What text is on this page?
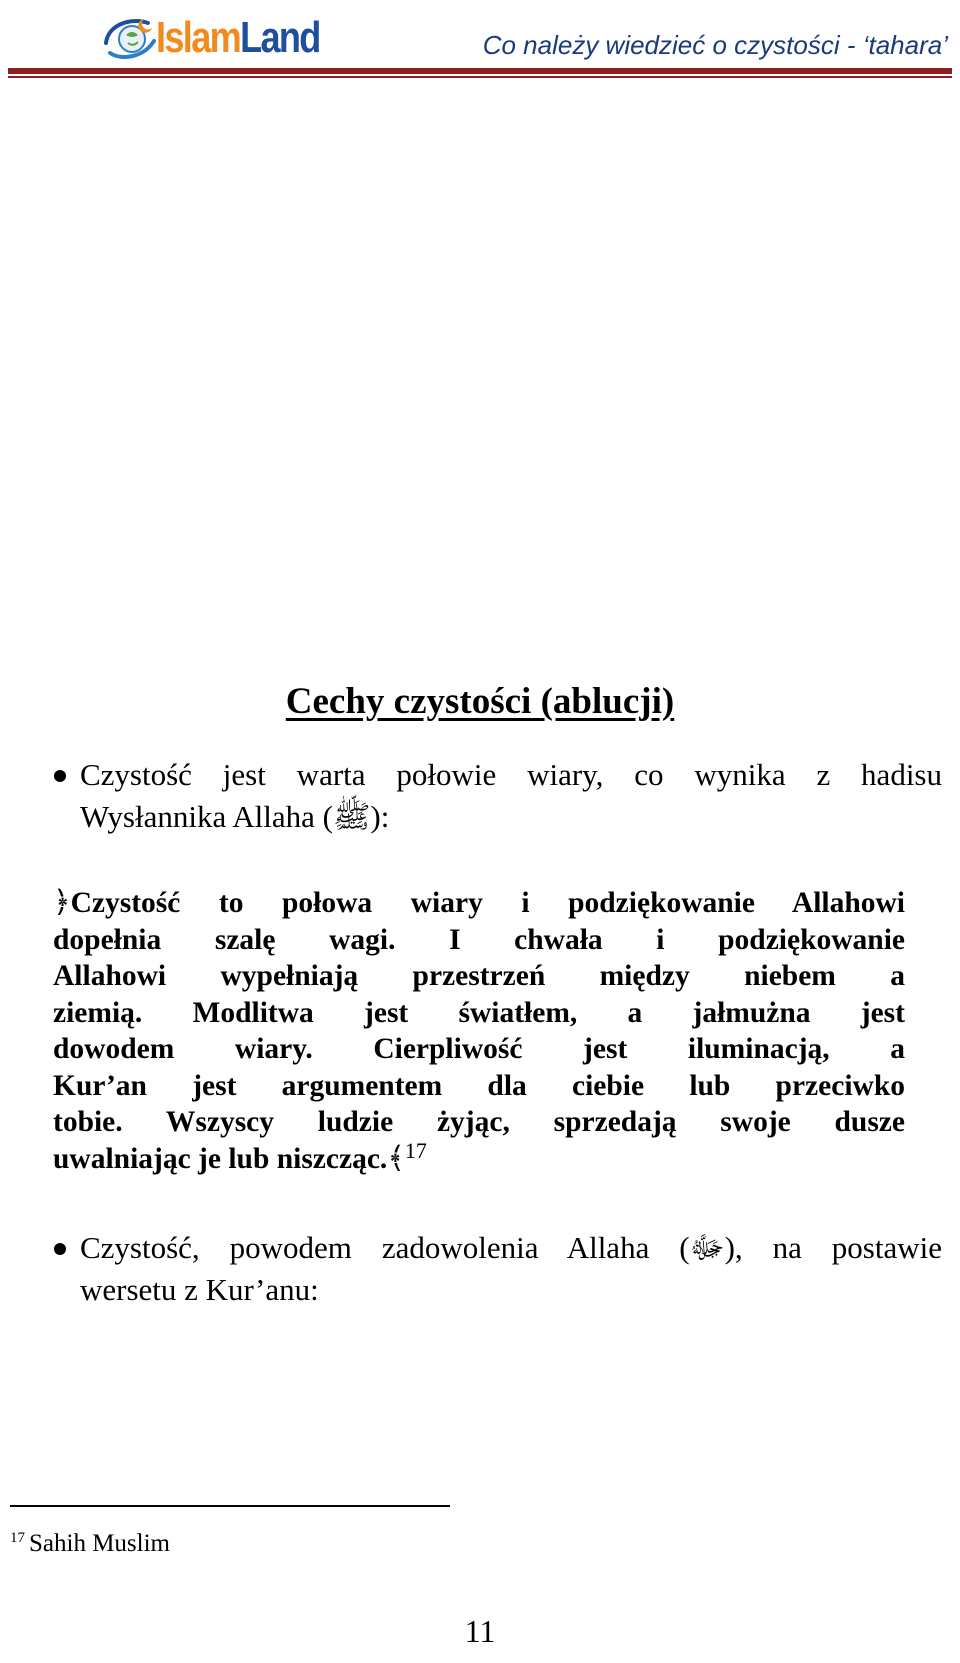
IslamLand	Co należy wiedzieć o czystości - ‘tahara’
Cechy czystości (ablucji)
Czystość jest warta połowie wiary, co wynika z hadisu
Wysłannika Allaha (ﷺ):
﴿Czystość to połowa wiary i podziękowanie Allahowi
dopełnia szalę wagi. I chwała i podziękowanie
Allahowi wypełniają przestrzeń między niebem a
ziemią. Modlitwa jest światłem, a jałmużna jest
dowodem wiary. Cierpliwość jest iluminacją, a
Kur’an jest argumentem dla ciebie lub przeciwko
tobie. Wszyscy ludzie żyjąc, sprzedają swoje dusze
uwalniając je lub niszcząc.﴾$^{17}$
Czystość, powodem zadowolenia Allaha (ﷻ), na postawie
wersetu z Kur’anu:
$^{17}$ Sahih Muslim
11
